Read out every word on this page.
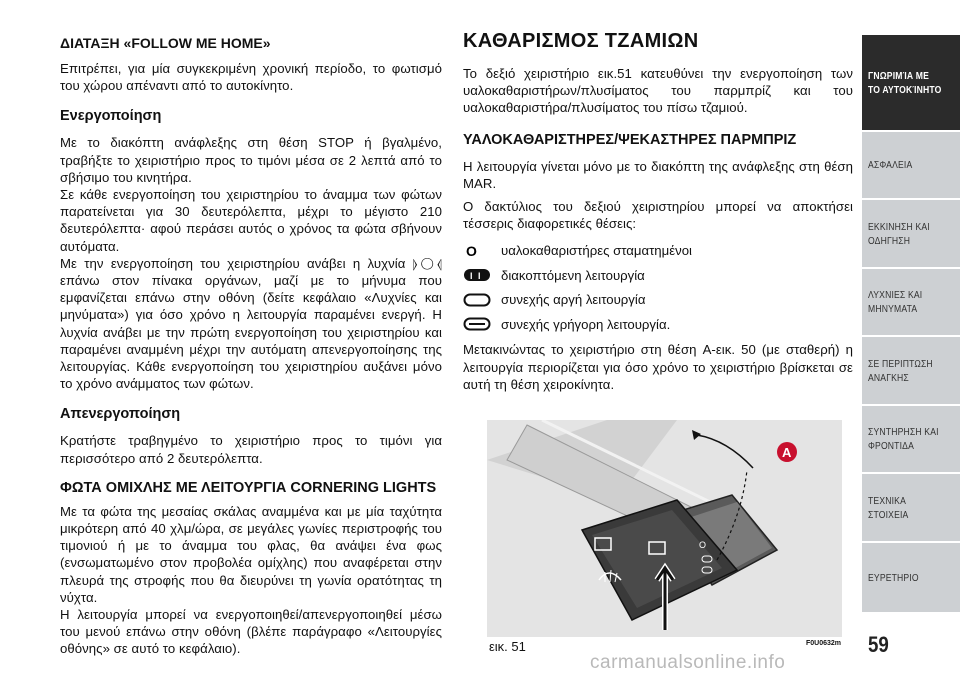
ΔΙΑΤΑΞΗ «FOLLOW ME HOME»

Επιτρέπει, για μία συγκεκριμένη χρονική περίοδο, το φωτισμό του χώρου απέναντι από το αυτοκίνητο.

Ενεργοποίηση

Με το διακόπτη ανάφλεξης στη θέση STOP ή βγαλμένο, τραβήξτε το χειριστήριο προς το τιμόνι μέσα σε 2 λεπτά από το σβήσιμο του κινητήρα.
Σε κάθε ενεργοποίηση του χειριστηρίου το άναμμα των φώτων παρατείνεται για 30 δευτερόλεπτα, μέχρι το μέγιστο 210 δευτερόλεπτα· αφού περάσει αυτός ο χρόνος τα φώτα σβήνουν αυτόματα.
Με την ενεργοποίηση του χειριστηρίου ανάβει η λυχνία ⦊◯⦉ επάνω στον πίνακα οργάνων, μαζί με το μήνυμα που εμφανίζεται επάνω στην οθόνη (δείτε κεφάλαιο «Λυχνίες και μηνύματα») για όσο χρόνο η λειτουργία παραμένει ενεργή. Η λυχνία ανάβει με την πρώτη ενεργοποίηση του χειριστηρίου και παραμένει αναμμένη μέχρι την αυτόματη απενεργοποίησης της λειτουργίας. Κάθε ενεργοποίηση του χειριστηρίου αυξάνει μόνο το χρόνο ανάμματος των φώτων.

Απενεργοποίηση

Κρατήστε τραβηγμένο το χειριστήριο προς το τιμόνι για περισσότερο από 2 δευτερόλεπτα.

ΦΩΤΑ ΟΜΙΧΛΗΣ ΜΕ ΛΕΙΤΟΥΡΓΙΑ CORNERING LIGHTS

Με τα φώτα της μεσαίας σκάλας αναμμένα και με μία ταχύτητα μικρότερη από 40 χλμ/ώρα, σε μεγάλες γωνίες περιστροφής του τιμονιού ή με το άναμμα του φλας, θα ανάψει ένα φως (ενσωματωμένο στον προβολέα ομίχλης) που αναφέρεται στην πλευρά της στροφής που θα διευρύνει τη γωνία ορατότητας τη νύχτα.
Η λειτουργία μπορεί να ενεργοποιηθεί/απενεργοποιηθεί μέσω του μενού επάνω στην οθόνη (βλέπε παράγραφο «Λειτουργίες οθόνης» σε αυτό το κεφάλαιο).

ΚΑΘΑΡΙΣΜΟΣ ΤΖΑΜΙΩΝ

Το δεξιό χειριστήριο εικ.51 κατευθύνει την ενεργοποίηση των υαλοκαθαριστήρων/πλυσίματος του παρμπρίζ και του υαλοκαθαριστήρα/πλυσίματος του πίσω τζαμιού.

ΥΑΛΟΚΑΘΑΡΙΣΤΗΡΕΣ/ΨΕΚΑΣΤΗΡΕΣ ΠΑΡΜΠΡΙΖ

Η λειτουργία γίνεται μόνο με το διακόπτη της ανάφλεξης στη θέση MAR.

Ο δακτύλιος του δεξιού χειριστηρίου μπορεί να αποκτήσει τέσσερις διαφορετικές θέσεις:

O υαλοκαθαριστήρες σταματημένοι
I I διακοπτόμενη λειτουργία
συνεχής αργή λειτουργία
συνεχής γρήγορη λειτουργία.

Μετακινώντας το χειριστήριο στη θέση A-εικ. 50 (με σταθερή) η λειτουργία περιορίζεται για όσο χρόνο το χειριστήριο βρίσκεται σε αυτή τη θέση χειροκίνητα.

O
A
εικ. 51	F0U0632m
ΓΝΩΡΙΜΊΑ ΜΕ ΤΟ ΑΥΤΟΚΊΝΗΤΟ
ΑΣΦΑΛΕΙΑ
ΕΚΚΙΝΗΣΗ ΚΑΙ ΟΔΗΓΗΣΗ
ΛΥΧΝΙΕΣ ΚΑΙ ΜΗΝΥΜΑΤΑ
ΣΕ ΠΕΡΙΠΤΩΣΗ ΑΝΑΓΚΗΣ
ΣΥΝΤΗΡΗΣΗ ΚΑΙ ΦΡΟΝΤΙΔΑ
ΤΕΧΝΙΚΑ ΣΤΟΙΧΕΙΑ
ΕΥΡΕΤΗΡΙΟ
59
carmanualsonline.info
